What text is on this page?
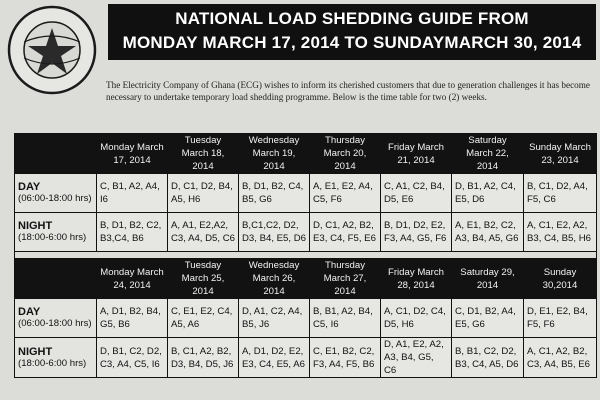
NATIONAL LOAD SHEDDING GUIDE FROM
MONDAY MARCH 17, 2014 TO SUNDAYMARCH 30, 2014
The Electricity Company of Ghana (ECG) wishes to inform its cherished customers that due to generation challenges it has become necessary to undertake temporary load shedding programme. Below is the time table for two (2) weeks.
	Monday March 17, 2014	Tuesday March 18, 2014	Wednesday March 19, 2014	Thursday March 20, 2014	Friday March 21, 2014	Saturday March 22, 2014	Sunday March 23, 2014

DAY
(06:00-18:00 hrs)	C, B1, A2, A4, I6	D, C1, D2, B4, A5, H6	B, D1, B2, C4, B5, G6	A, E1, E2, A4, C5, F6	C, A1, C2, B4, D5, E6	D, B1, A2, C4, E5, D6	B, C1, D2, A4, F5, C6

NIGHT
(18:00-6:00 hrs)	B, D1, B2, C2, B3,C4, B6	A, A1, E2,A2, C3, A4, D5, C6	B,C1,C2, D2, D3, B4, E5, D6	D, C1, A2, B2, E3, C4, F5, E6	B, D1, D2, E2, F3, A4, G5, F6	A, E1, B2, C2, A3, B4, A5, G6	A, C1, E2, A2, B3, C4, B5, H6

	Monday March 24, 2014	Tuesday March 25, 2014	Wednesday March 26, 2014	Thursday March 27, 2014	Friday March 28, 2014	Saturday 29, 2014	Sunday 30,2014

DAY
(06:00-18:00 hrs)	A, D1, B2, B4, G5, B6	C, E1, E2, C4, A5, A6	D, A1, C2, A4, B5, J6	B, B1, A2, B4, C5, I6	A, C1, D2, C4, D5, H6	C, D1, B2, A4, E5, G6	D, E1, E2, B4, F5, F6

NIGHT
(18:00-6:00 hrs)	D, B1, C2, D2, C3, A4, C5, I6	B, C1, A2, B2, D3, B4, D5, J6	A, D1, D2, E2, E3, C4, E5, A6	C, E1, B2, C2, F3, A4, F5, B6	D, A1, E2, A2, A3, B4, G5, C6	B, B1, C2, D2, B3, C4, A5, D6	A, C1, A2, B2, C3, A4, B5, E6
